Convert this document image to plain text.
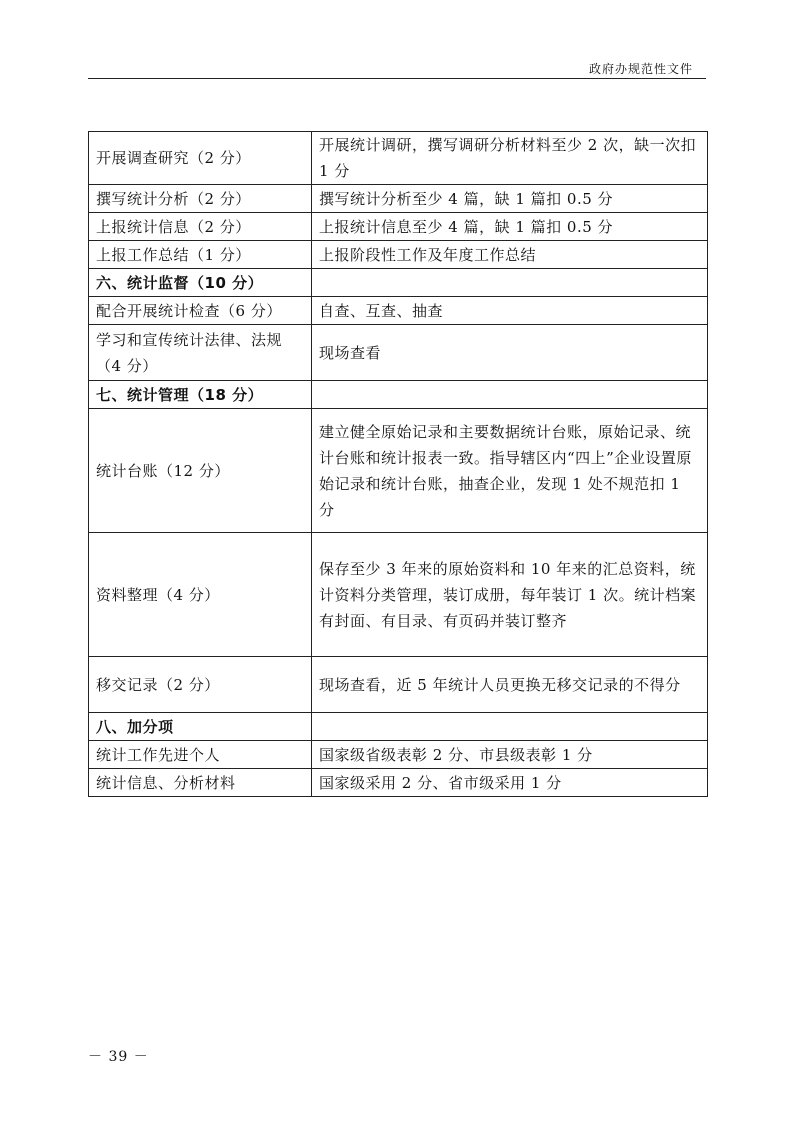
政府办规范性文件
开展调查研究（2 分）	开展统计调研，撰写调研分析材料至少 2 次，缺一次扣 1 分
撰写统计分析（2 分）	撰写统计分析至少 4 篇，缺 1 篇扣 0.5 分
上报统计信息（2 分）	上报统计信息至少 4 篇，缺 1 篇扣 0.5 分
上报工作总结（1 分）	上报阶段性工作及年度工作总结
六、统计监督（10 分）	
配合开展统计检查（6 分）	自查、互查、抽查
学习和宣传统计法律、法规（4 分）	现场查看
七、统计管理（18 分）	
统计台账（12 分）	建立健全原始记录和主要数据统计台账，原始记录、统计台账和统计报表一致。指导辖区内“四上”企业设置原始记录和统计台账，抽查企业，发现 1 处不规范扣 1 分
资料整理（4 分）	保存至少 3 年来的原始资料和 10 年来的汇总资料，统计资料分类管理，装订成册，每年装订 1 次。统计档案有封面、有目录、有页码并装订整齐
移交记录（2 分）	现场查看，近 5 年统计人员更换无移交记录的不得分
八、加分项	
统计工作先进个人	国家级省级表彰 2 分、市县级表彰 1 分
统计信息、分析材料	国家级采用 2 分、省市级采用 1 分
－ 39 －
